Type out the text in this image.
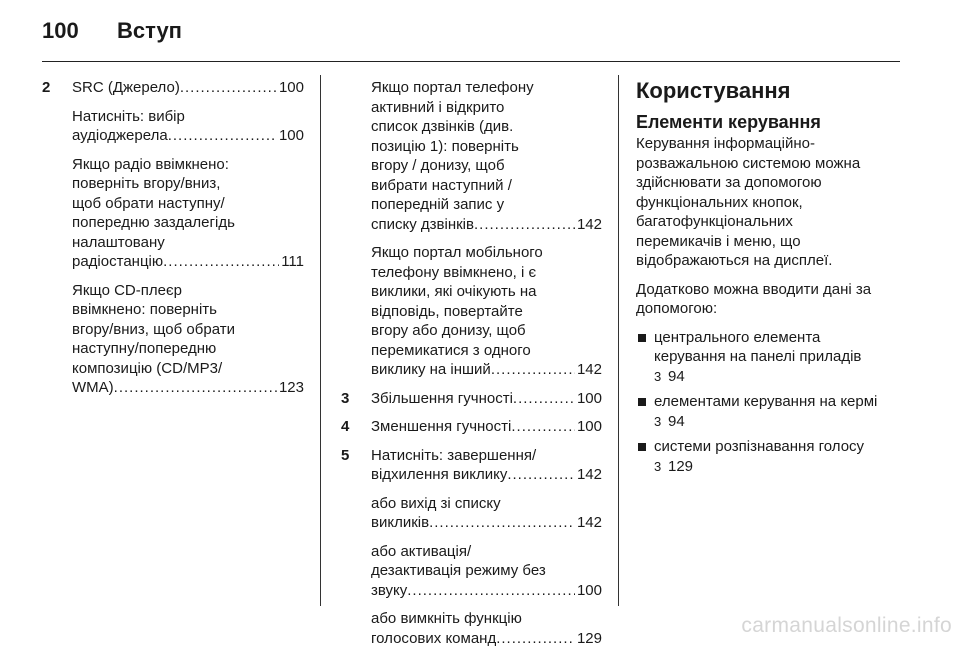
100 Вступ
2 SRC (Джерело) .....	100
Натисніть: вибір
аудіоджерела .....	100
Якщо радіо ввімкнено:
поверніть вгору/вниз,
щоб обрати наступну/
попередню заздалегідь
налаштовану
радіостанцію .....	111
Якщо CD-плеєр
ввімкнено: поверніть
вгору/вниз, щоб обрати
наступну/попередню
композицію (CD/MP3/
WMA) .....	123
Якщо портал телефону
активний і відкрито
список дзвінків (див.
позицію 1): поверніть
вгору / донизу, щоб
вибрати наступний /
попередній запис у
списку дзвінків .....	142
Якщо портал мобільного
телефону ввімкнено, і є
виклики, які очікують на
відповідь, повертайте
вгору або донизу, щоб
перемикатися з одного
виклику на інший .....	142
3 Збільшення гучності .....	100
4 Зменшення гучності .....	100
5 Натисніть: завершення/
відхилення виклику .....	142
або вихід зі списку
викликів .....	142
або активація/
дезактивація режиму без
звуку .....	100
або вимкніть функцію
голосових команд .....	129
Користування
Елементи керування
Керування інформаційно-
розважальною системою можна
здійснювати за допомогою
функціональних кнопок,
багатофункціональних
перемикачів і меню, що
відображаються на дисплеї.
Додатково можна вводити дані за
допомогою:
центрального елемента
керування на панелі приладів
3 94
елементами керування на кермі
3 94
системи розпізнавання голосу
3 129
carmanualsonline.info
